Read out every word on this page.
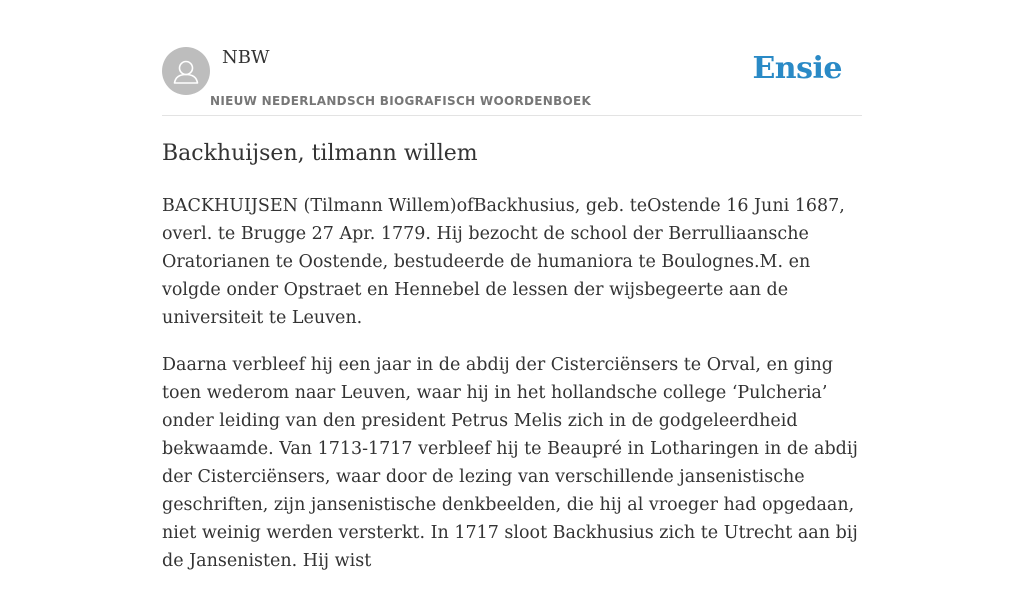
NBW
NIEUW NEDERLANDSCH BIOGRAFISCH WOORDENBOEK
Ensie
Backhuijsen, tilmann willem

BACKHUIJSEN (Tilmann Willem)ofBackhusius, geb. teOstende 16 Juni 1687, overl. te Brugge 27 Apr. 1779. Hij bezocht de school der Berrulliaansche Oratorianen te Oostende, bestudeerde de humaniora te Boulognes.M. en volgde onder Opstraet en Hennebel de lessen der wijsbegeerte aan de universiteit te Leuven.

Daarna verbleef hij een jaar in de abdij der Cisterciënsers te Orval, en ging toen wederom naar Leuven, waar hij in het hollandsche college ‘Pulcheria’ onder leiding van den president Petrus Melis zich in de godgeleerdheid bekwaamde. Van 1713-1717 verbleef hij te Beaupré in Lotharingen in de abdij der Cisterciënsers, waar door de lezing van verschillende jansenistische geschriften, zijn jansenistische denkbeelden, die hij al vroeger had opgedaan, niet weinig werden versterkt. In 1717 sloot Backhusius zich te Utrecht aan bij de Jansenisten. Hij wist
